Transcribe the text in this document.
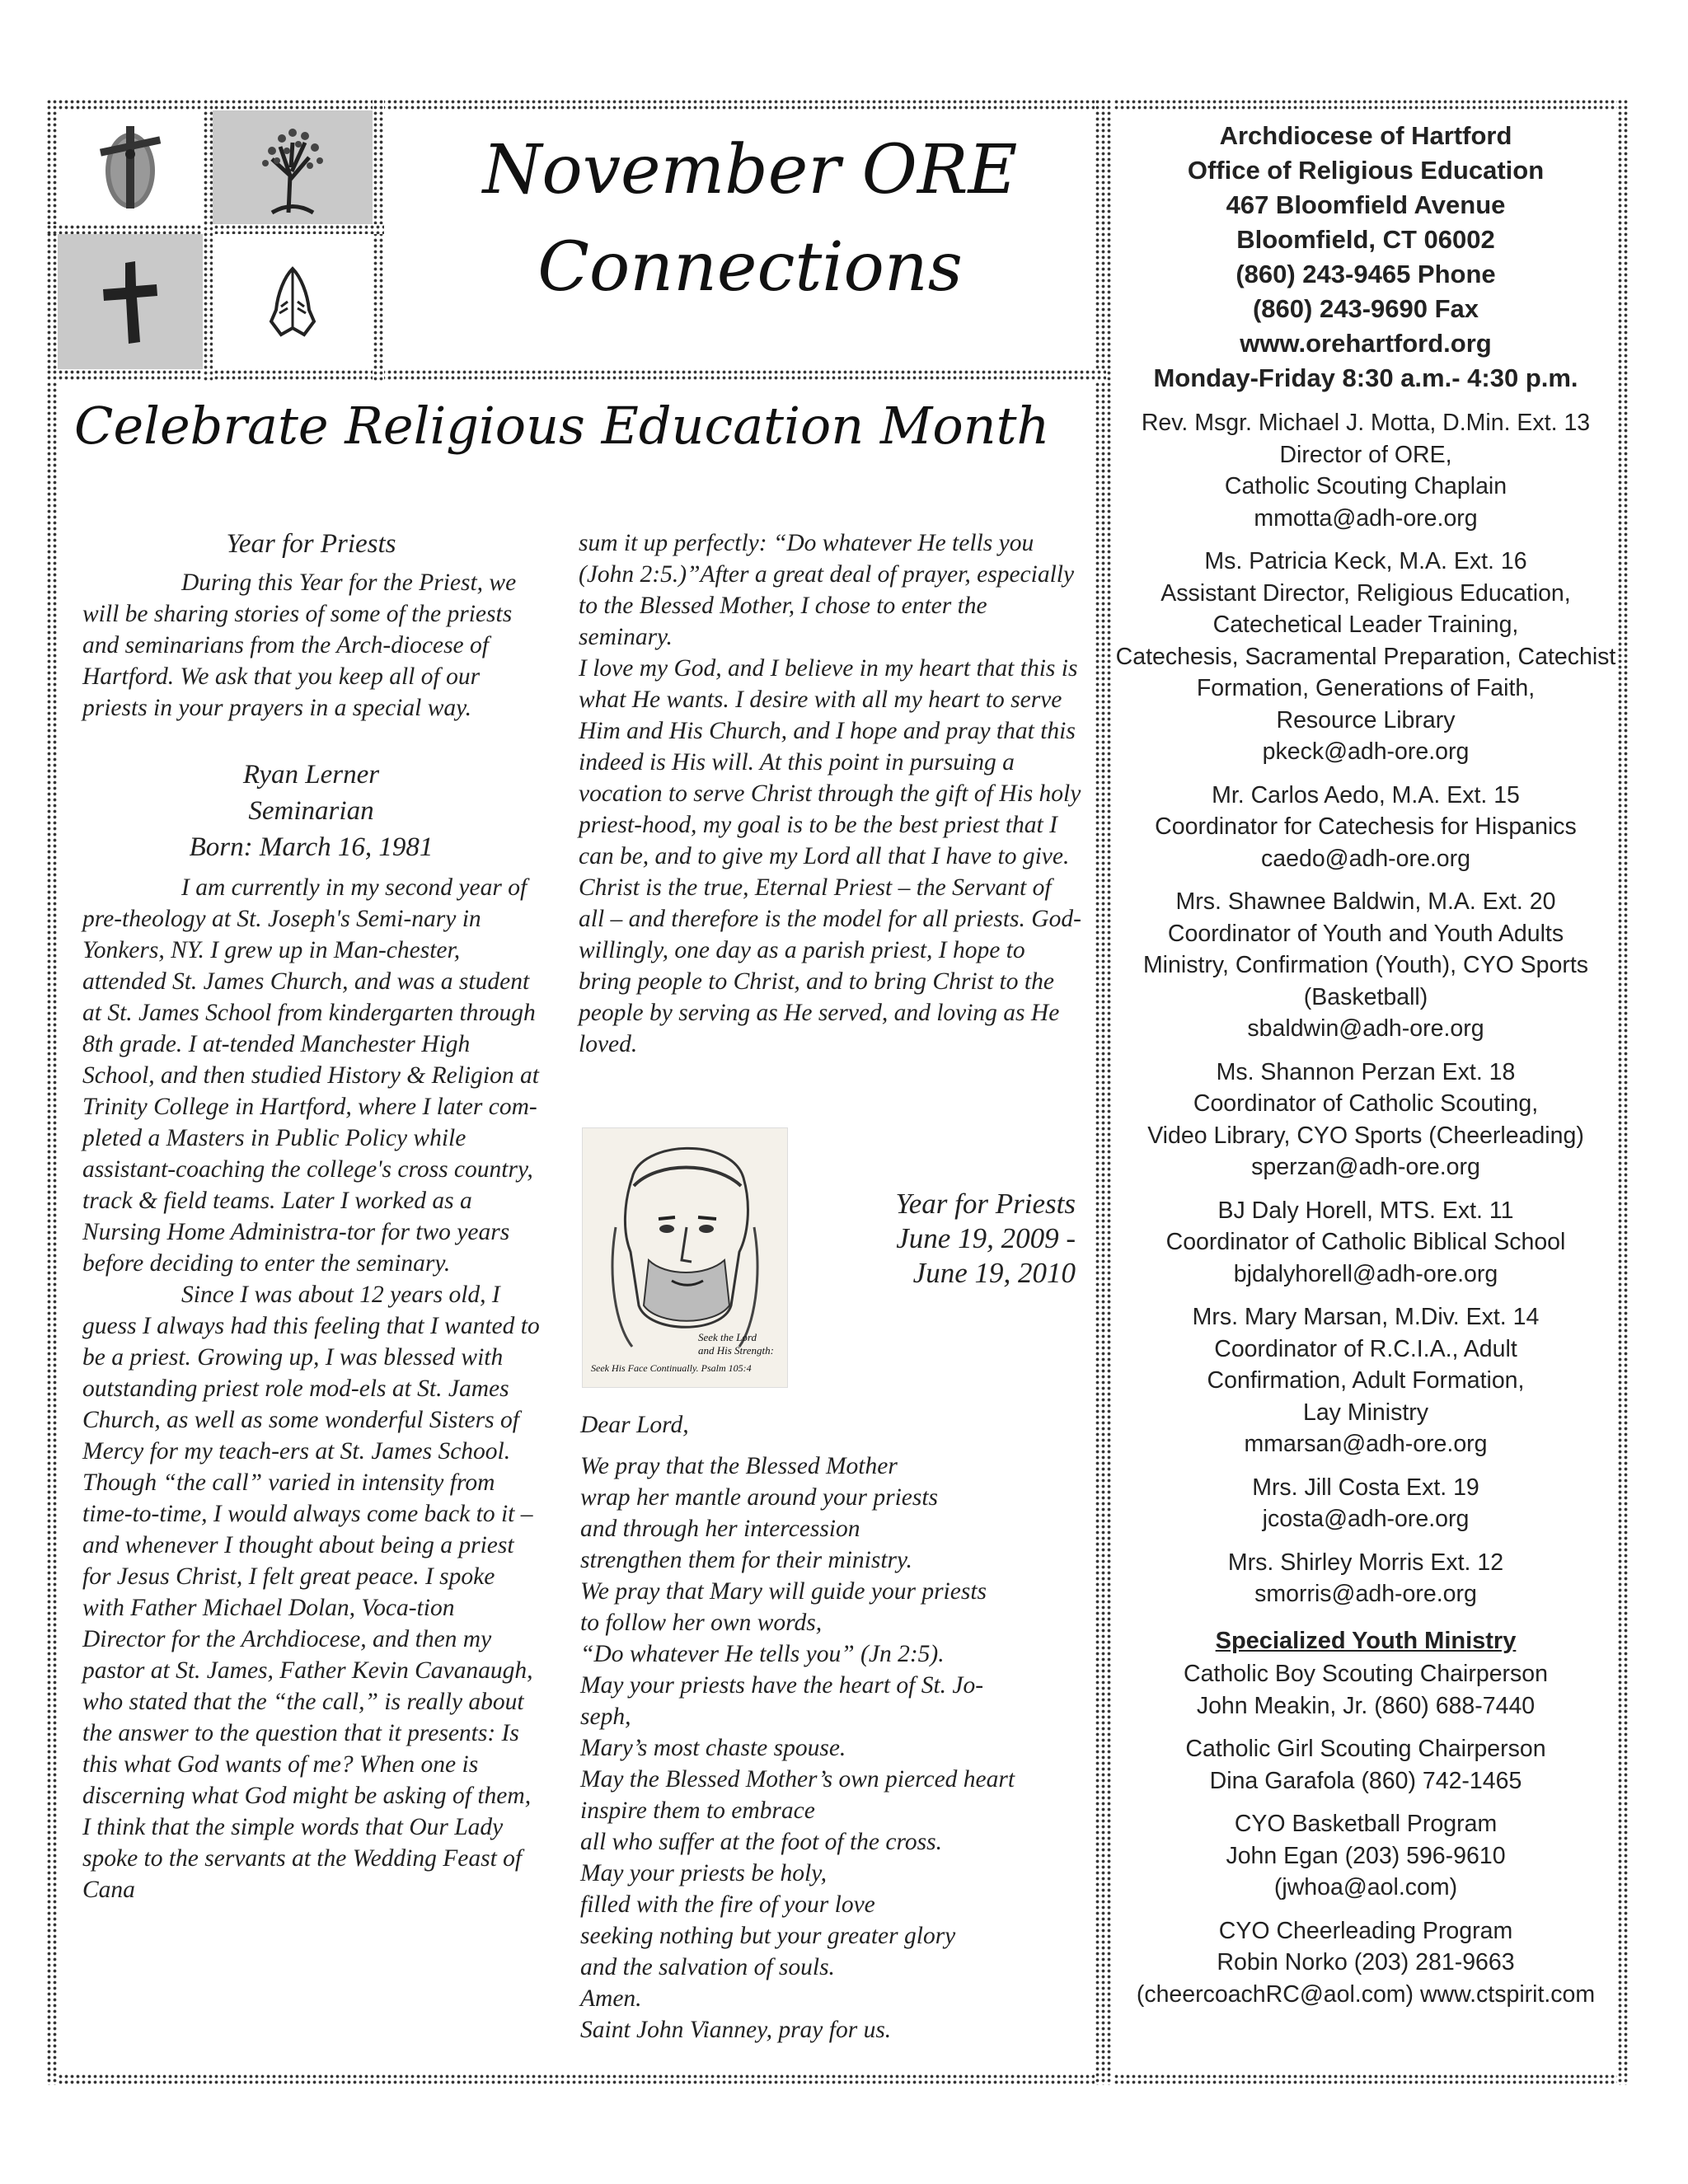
November ORE
Connections
Celebrate Religious Education Month

Year for Priests

During this Year for the Priest, we will be sharing stories of some of the priests and seminarians from the Arch-diocese of Hartford. We ask that you keep all of our priests in your prayers in a special way.

Ryan Lerner

Seminarian

Born: March 16, 1981

I am currently in my second year of pre-theology at St. Joseph's Semi-nary in Yonkers, NY. I grew up in Man-chester, attended St. James Church, and was a student at St. James School from kindergarten through 8th grade. I at-tended Manchester High School, and then studied History & Religion at Trinity College in Hartford, where I later com-pleted a Masters in Public Policy while assistant-coaching the college's cross country, track & field teams. Later I worked as a Nursing Home Administra-tor for two years before deciding to enter the seminary.

Since I was about 12 years old, I guess I always had this feeling that I wanted to be a priest. Growing up, I was blessed with outstanding priest role mod-els at St. James Church, as well as some wonderful Sisters of Mercy for my teach-ers at St. James School. Though “the call” varied in intensity from time-to-time, I would always come back to it – and whenever I thought about being a priest for Jesus Christ, I felt great peace. I spoke with Father Michael Dolan, Voca-tion Director for the Archdiocese, and then my pastor at St. James, Father Kevin Cavanaugh, who stated that the “the call,” is really about the answer to the question that it presents: Is this what God wants of me? When one is discerning what God might be asking of them, I think that the simple words that Our Lady spoke to the servants at the Wedding Feast of Cana

sum it up perfectly: “Do whatever He tells you (John 2:5.)”After a great deal of prayer, especially to the Blessed Mother, I chose to enter the seminary.

I love my God, and I believe in my heart that this is what He wants. I desire with all my heart to serve Him and His Church, and I hope and pray that this indeed is His will. At this point in pursuing a vocation to serve Christ through the gift of His holy priest-hood, my goal is to be the best priest that I can be, and to give my Lord all that I have to give. Christ is the true, Eternal Priest – the Servant of all – and therefore is the model for all priests. God-willingly, one day as a parish priest, I hope to bring people to Christ, and to bring Christ to the people by serving as He served, and loving as He loved.

Seek the Lord
and His Strength:
Seek His Face Continually. Psalm 105:4
Year for Priests
June 19, 2009 -
June 19, 2010

Dear Lord,

We pray that the Blessed Mother
wrap her mantle around your priests
and through her intercession
strengthen them for their ministry.
We pray that Mary will guide your priests
to follow her own words,
“Do whatever He tells you” (Jn 2:5).
May your priests have the heart of St. Jo-
seph,
Mary’s most chaste spouse.
May the Blessed Mother’s own pierced heart
inspire them to embrace
all who suffer at the foot of the cross.
May your priests be holy,
filled with the fire of your love
seeking nothing but your greater glory
and the salvation of souls.
Amen.
Saint John Vianney, pray for us.
Archdiocese of Hartford
Office of Religious Education
467 Bloomfield Avenue
Bloomfield, CT 06002
(860) 243-9465 Phone
(860) 243-9690 Fax
www.orehartford.org
Monday-Friday 8:30 a.m.- 4:30 p.m.
Rev. Msgr. Michael J. Motta, D.Min. Ext. 13
Director of ORE,
Catholic Scouting Chaplain
mmotta@adh-ore.org
Ms. Patricia Keck, M.A. Ext. 16
Assistant Director, Religious Education,
Catechetical Leader Training,
Catechesis, Sacramental Preparation, Catechist
Formation, Generations of Faith,
Resource Library
pkeck@adh-ore.org
Mr. Carlos Aedo, M.A. Ext. 15
Coordinator for Catechesis for Hispanics
caedo@adh-ore.org
Mrs. Shawnee Baldwin, M.A. Ext. 20
Coordinator of Youth and Youth Adults
Ministry, Confirmation (Youth), CYO Sports
(Basketball)
sbaldwin@adh-ore.org
Ms. Shannon Perzan Ext. 18
Coordinator of Catholic Scouting,
Video Library, CYO Sports (Cheerleading)
sperzan@adh-ore.org
BJ Daly Horell, MTS. Ext. 11
Coordinator of Catholic Biblical School
bjdalyhorell@adh-ore.org
Mrs. Mary Marsan, M.Div. Ext. 14
Coordinator of R.C.I.A., Adult
Confirmation, Adult Formation,
Lay Ministry
mmarsan@adh-ore.org
Mrs. Jill Costa Ext. 19
jcosta@adh-ore.org
Mrs. Shirley Morris Ext. 12
smorris@adh-ore.org
Specialized Youth Ministry
Catholic Boy Scouting Chairperson
John Meakin, Jr. (860) 688-7440
Catholic Girl Scouting Chairperson
Dina Garafola (860) 742-1465
CYO Basketball Program
John Egan (203) 596-9610
(jwhoa@aol.com)
CYO Cheerleading Program
Robin Norko (203) 281-9663
(cheercoachRC@aol.com) www.ctspirit.com
